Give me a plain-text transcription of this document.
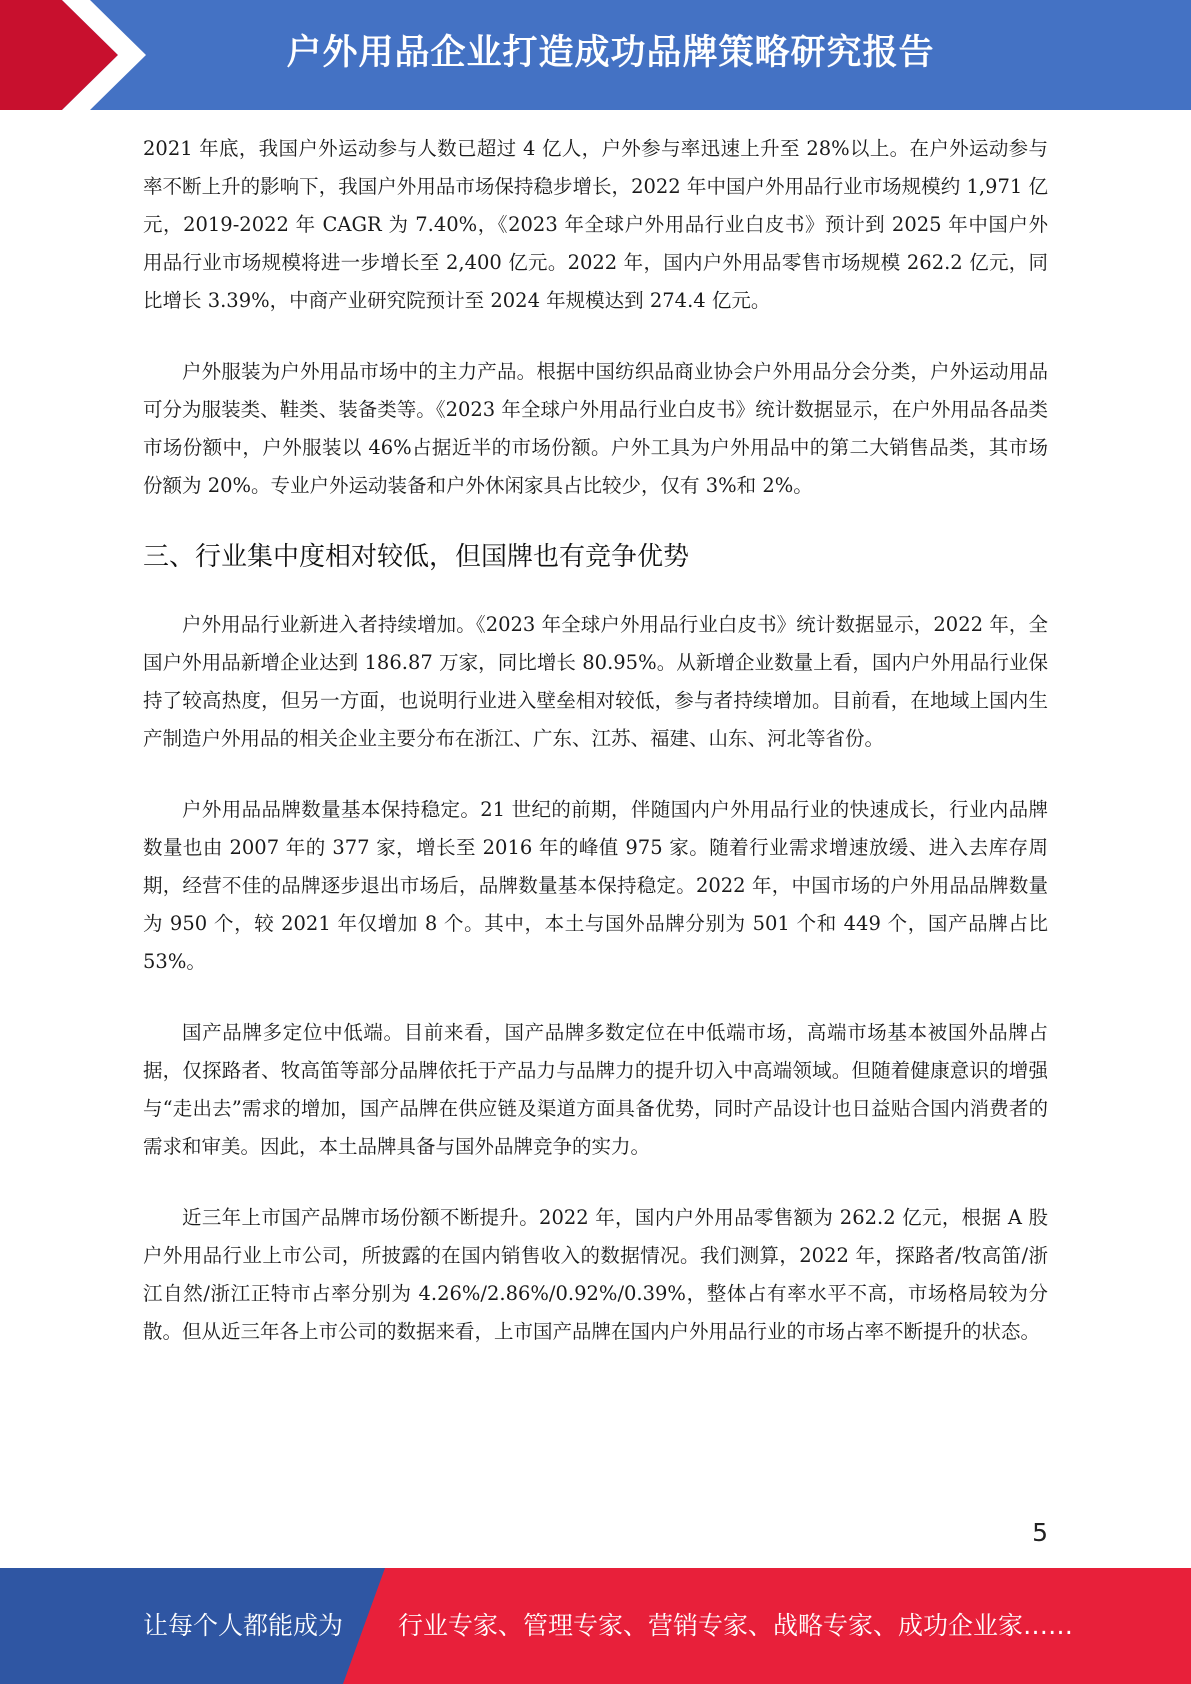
户外用品企业打造成功品牌策略研究报告

2021 年底，我国户外运动参与人数已超过 4 亿人，户外参与率迅速上升至 28%以上。在户外运动参与率不断上升的影响下，我国户外用品市场保持稳步增长，2022 年中国户外用品行业市场规模约 1,971 亿元，2019-2022 年 CAGR 为 7.40%，《2023 年全球户外用品行业白皮书》预计到 2025 年中国户外用品行业市场规模将进一步增长至 2,400 亿元。2022 年，国内户外用品零售市场规模 262.2 亿元，同比增长 3.39%，中商产业研究院预计至 2024 年规模达到 274.4 亿元。

户外服装为户外用品市场中的主力产品。根据中国纺织品商业协会户外用品分会分类，户外运动用品可分为服装类、鞋类、装备类等。《2023 年全球户外用品行业白皮书》统计数据显示，在户外用品各品类市场份额中，户外服装以 46%占据近半的市场份额。户外工具为户外用品中的第二大销售品类，其市场份额为 20%。专业户外运动装备和户外休闲家具占比较少，仅有 3%和 2%。

三、行业集中度相对较低，但国牌也有竞争优势

户外用品行业新进入者持续增加。《2023 年全球户外用品行业白皮书》统计数据显示，2022 年，全国户外用品新增企业达到 186.87 万家，同比增长 80.95%。从新增企业数量上看，国内户外用品行业保持了较高热度，但另一方面，也说明行业进入壁垒相对较低，参与者持续增加。目前看，在地域上国内生产制造户外用品的相关企业主要分布在浙江、广东、江苏、福建、山东、河北等省份。

户外用品品牌数量基本保持稳定。21 世纪的前期，伴随国内户外用品行业的快速成长，行业内品牌数量也由 2007 年的 377 家，增长至 2016 年的峰值 975 家。随着行业需求增速放缓、进入去库存周期，经营不佳的品牌逐步退出市场后，品牌数量基本保持稳定。2022 年，中国市场的户外用品品牌数量为 950 个，较 2021 年仅增加 8 个。其中，本土与国外品牌分别为 501 个和 449 个，国产品牌占比 53%。

国产品牌多定位中低端。目前来看，国产品牌多数定位在中低端市场，高端市场基本被国外品牌占据，仅探路者、牧高笛等部分品牌依托于产品力与品牌力的提升切入中高端领域。但随着健康意识的增强与“走出去”需求的增加，国产品牌在供应链及渠道方面具备优势，同时产品设计也日益贴合国内消费者的需求和审美。因此，本土品牌具备与国外品牌竞争的实力。

近三年上市国产品牌市场份额不断提升。2022 年，国内户外用品零售额为 262.2 亿元，根据 A 股户外用品行业上市公司，所披露的在国内销售收入的数据情况。我们测算，2022 年，探路者/牧高笛/浙江自然/浙江正特市占率分别为 4.26%/2.86%/0.92%/0.39%，整体占有率水平不高，市场格局较为分散。但从近三年各上市公司的数据来看，上市国产品牌在国内户外用品行业的市场占率不断提升的状态。

5
让每个人都能成为 行业专家、管理专家、营销专家、战略专家、成功企业家……
